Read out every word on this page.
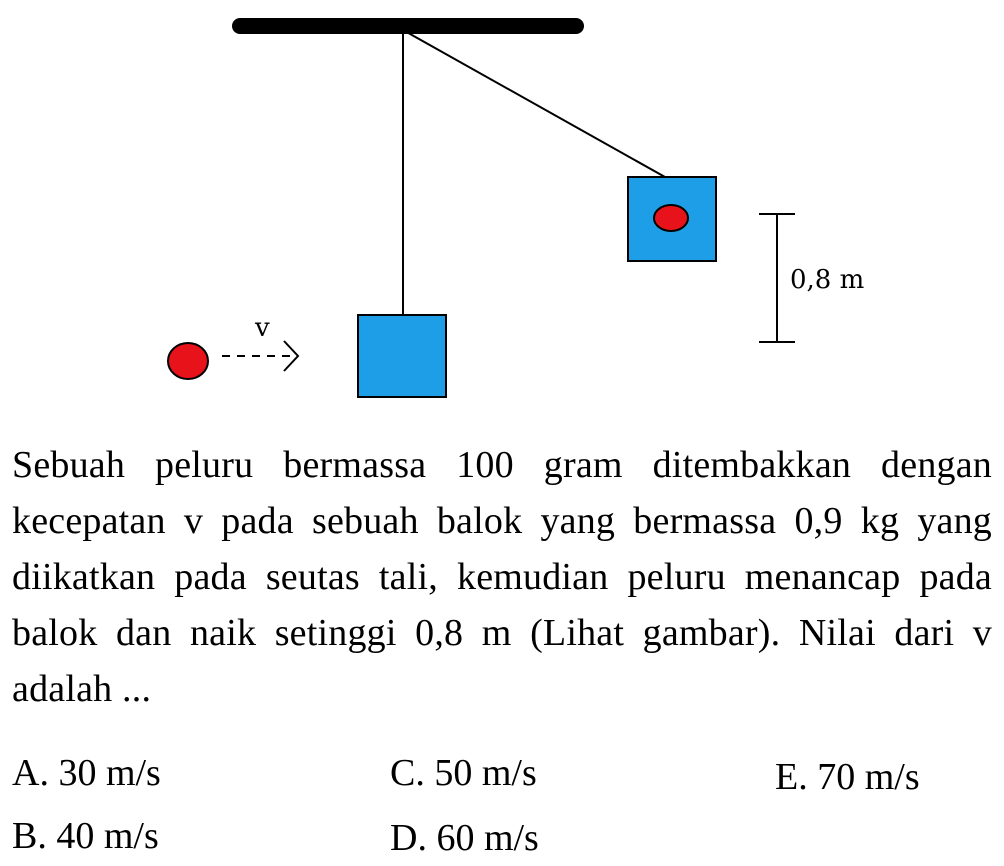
v
0,8 m
Sebuah peluru bermassa 100 gram ditembakkan dengan kecepatan v pada sebuah balok yang bermassa 0,9 kg yang diikatkan pada seutas tali, kemudian peluru menancap pada balok dan naik setinggi 0,8 m (Lihat gambar). Nilai dari v adalah ...
A. 30 m/s	C. 50 m/s	E. 70 m/s
B. 40 m/s	D. 60 m/s
